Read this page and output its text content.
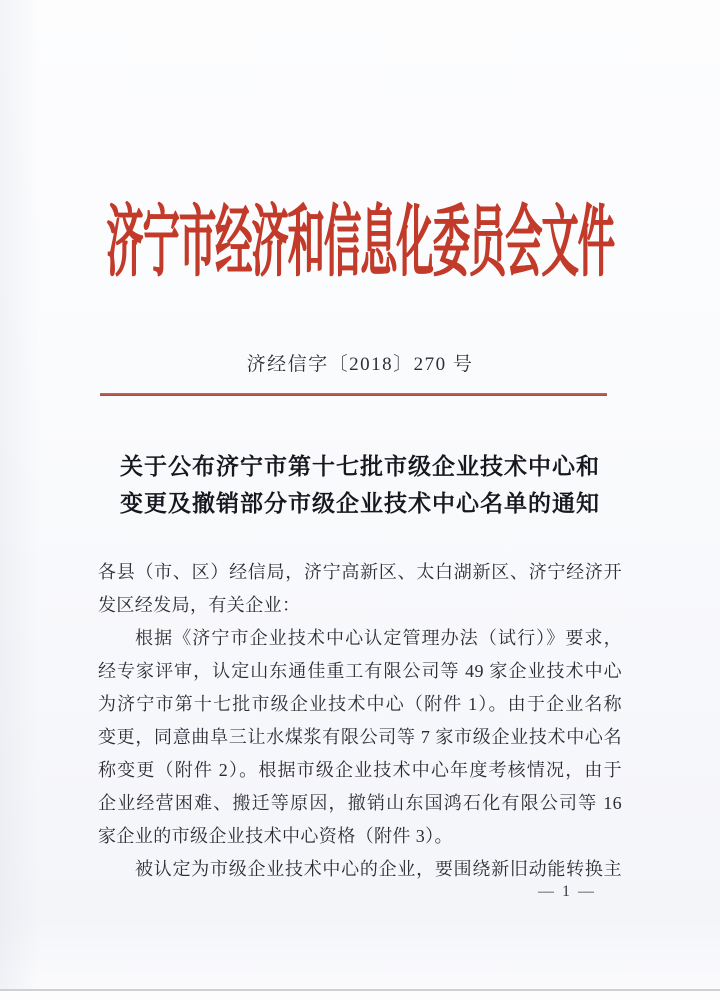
济宁市经济和信息化委员会文件
济经信字〔2018〕270 号
关于公布济宁市第十七批市级企业技术中心和
变更及撤销部分市级企业技术中心名单的通知
各县（市、区）经信局，济宁高新区、太白湖新区、济宁经济开
发区经发局，有关企业：
根据《济宁市企业技术中心认定管理办法（试行）》要求，
经专家评审，认定山东通佳重工有限公司等 49 家企业技术中心
为济宁市第十七批市级企业技术中心（附件 1）。由于企业名称
变更，同意曲阜三让水煤浆有限公司等 7 家市级企业技术中心名
称变更（附件 2）。根据市级企业技术中心年度考核情况，由于
企业经营困难、搬迁等原因，撤销山东国鸿石化有限公司等 16
家企业的市级企业技术中心资格（附件 3）。
被认定为市级企业技术中心的企业，要围绕新旧动能转换主
— 1 —
